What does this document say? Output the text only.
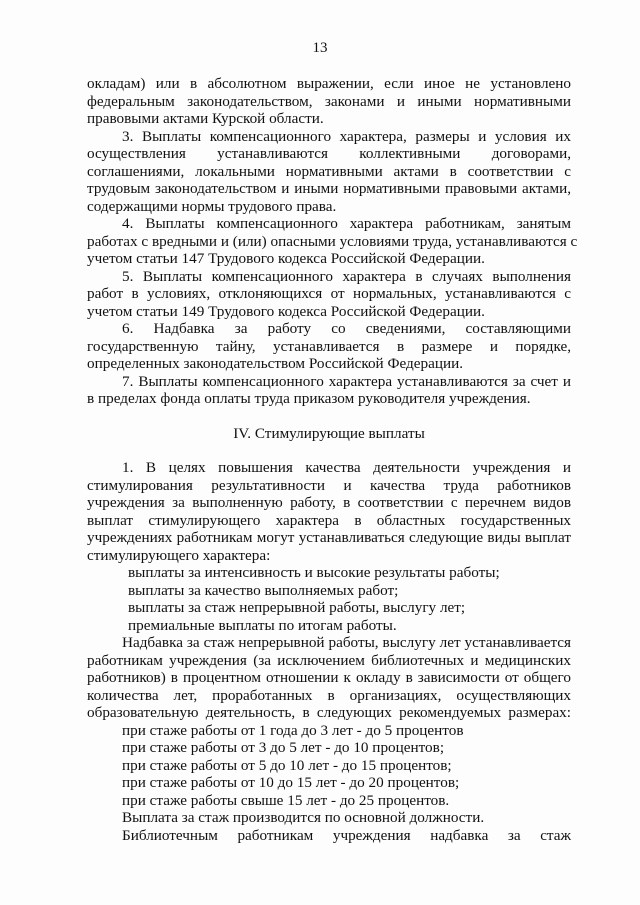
13
окладам) или в абсолютном выражении, если иное не установлено
федеральным законодательством, законами и иными нормативными
правовыми актами Курской области.
3. Выплаты компенсационного характера, размеры и условия их
осуществления устанавливаются коллективными договорами,
соглашениями, локальными нормативными актами в соответствии с
трудовым законодательством и иными нормативными правовыми актами,
содержащими нормы трудового права.
4. Выплаты компенсационного характера работникам, занятым
работах с вредными и (или) опасными условиями труда, устанавливаются с
учетом статьи 147 Трудового кодекса Российской Федерации.
5. Выплаты компенсационного характера в случаях выполнения
работ в условиях, отклоняющихся от нормальных, устанавливаются с
учетом статьи 149 Трудового кодекса Российской Федерации.
6. Надбавка за работу со сведениями, составляющими
государственную тайну, устанавливается в размере и порядке,
определенных законодательством Российской Федерации.
7. Выплаты компенсационного характера устанавливаются за счет и
в пределах фонда оплаты труда приказом руководителя учреждения.
IV. Стимулирующие выплаты
1. В целях повышения качества деятельности учреждения и
стимулирования результативности и качества труда работников
учреждения за выполненную работу, в соответствии с перечнем видов
выплат стимулирующего характера в областных государственных
учреждениях работникам могут устанавливаться следующие виды выплат
стимулирующего характера:
выплаты за интенсивность и высокие результаты работы;
выплаты за качество выполняемых работ;
выплаты за стаж непрерывной работы, выслугу лет;
премиальные выплаты по итогам работы.
Надбавка за стаж непрерывной работы, выслугу лет устанавливается
работникам учреждения (за исключением библиотечных и медицинских
работников) в процентном отношении к окладу в зависимости от общего
количества лет, проработанных в организациях, осуществляющих
образовательную деятельность, в следующих рекомендуемых размерах:
при стаже работы от 1 года до 3 лет - до 5 процентов
при стаже работы от 3 до 5 лет - до 10 процентов;
при стаже работы от 5 до 10 лет - до 15 процентов;
при стаже работы от 10 до 15 лет - до 20 процентов;
при стаже работы свыше 15 лет - до 25 процентов.
Выплата за стаж производится по основной должности.
Библиотечным работникам учреждения надбавка за стаж
